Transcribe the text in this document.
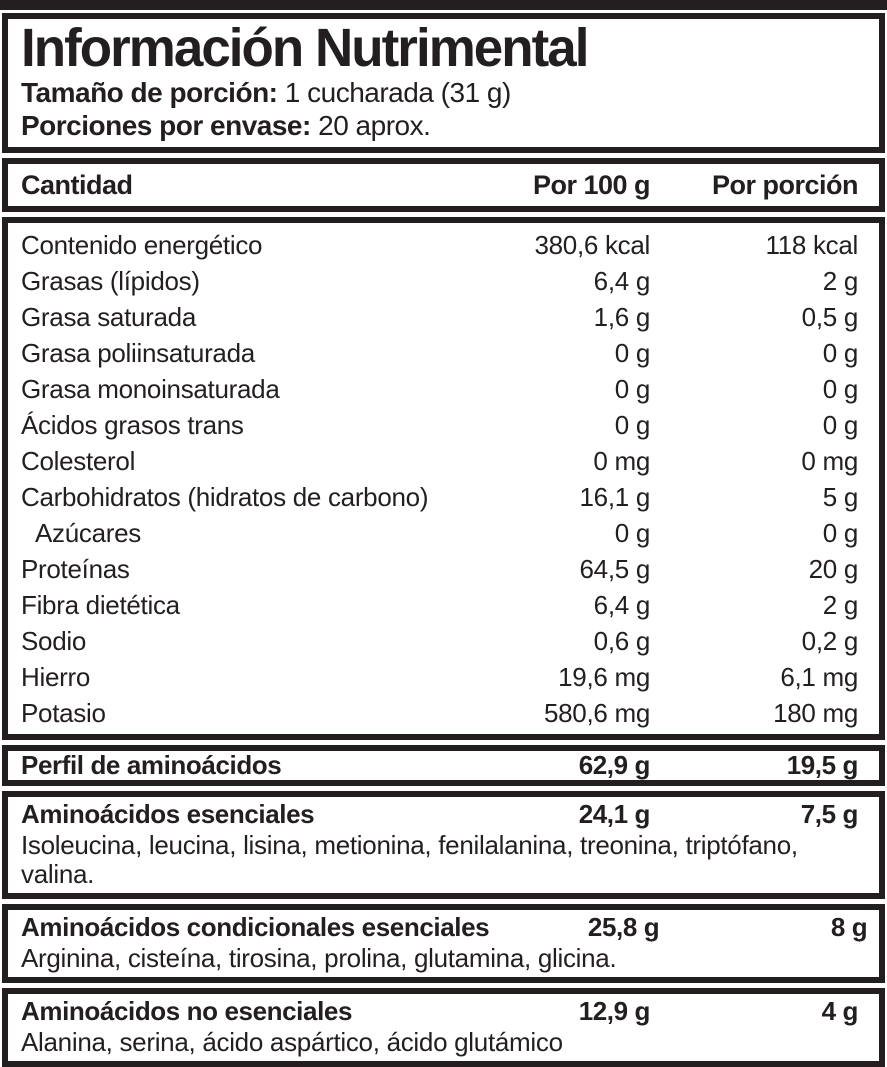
Información Nutrimental
Tamaño de porción: 1 cucharada (31 g)
Porciones por envase: 20 aprox.
Cantidad	Por 100 g	Por porción
Contenido energético	380,6 kcal	118 kcal
Grasas (lípidos)	6,4 g	2 g
Grasa saturada	1,6 g	0,5 g
Grasa poliinsaturada	0 g	0 g
Grasa monoinsaturada	0 g	0 g
Ácidos grasos trans	0 g	0 g
Colesterol	0 mg	0 mg
Carbohidratos (hidratos de carbono)	16,1 g	5 g
Azúcares	0 g	0 g
Proteínas	64,5 g	20 g
Fibra dietética	6,4 g	2 g
Sodio	0,6 g	0,2 g
Hierro	19,6 mg	6,1 mg
Potasio	580,6 mg	180 mg
Perfil de aminoácidos	62,9 g	19,5 g
Aminoácidos esenciales	24,1 g	7,5 g
Isoleucina, leucina, lisina, metionina, fenilalanina, treonina, triptófano, valina.
Aminoácidos condicionales esenciales	25,8 g	8 g
Arginina, cisteína, tirosina, prolina, glutamina, glicina.
Aminoácidos no esenciales	12,9 g	4 g
Alanina, serina, ácido aspártico, ácido glutámico
